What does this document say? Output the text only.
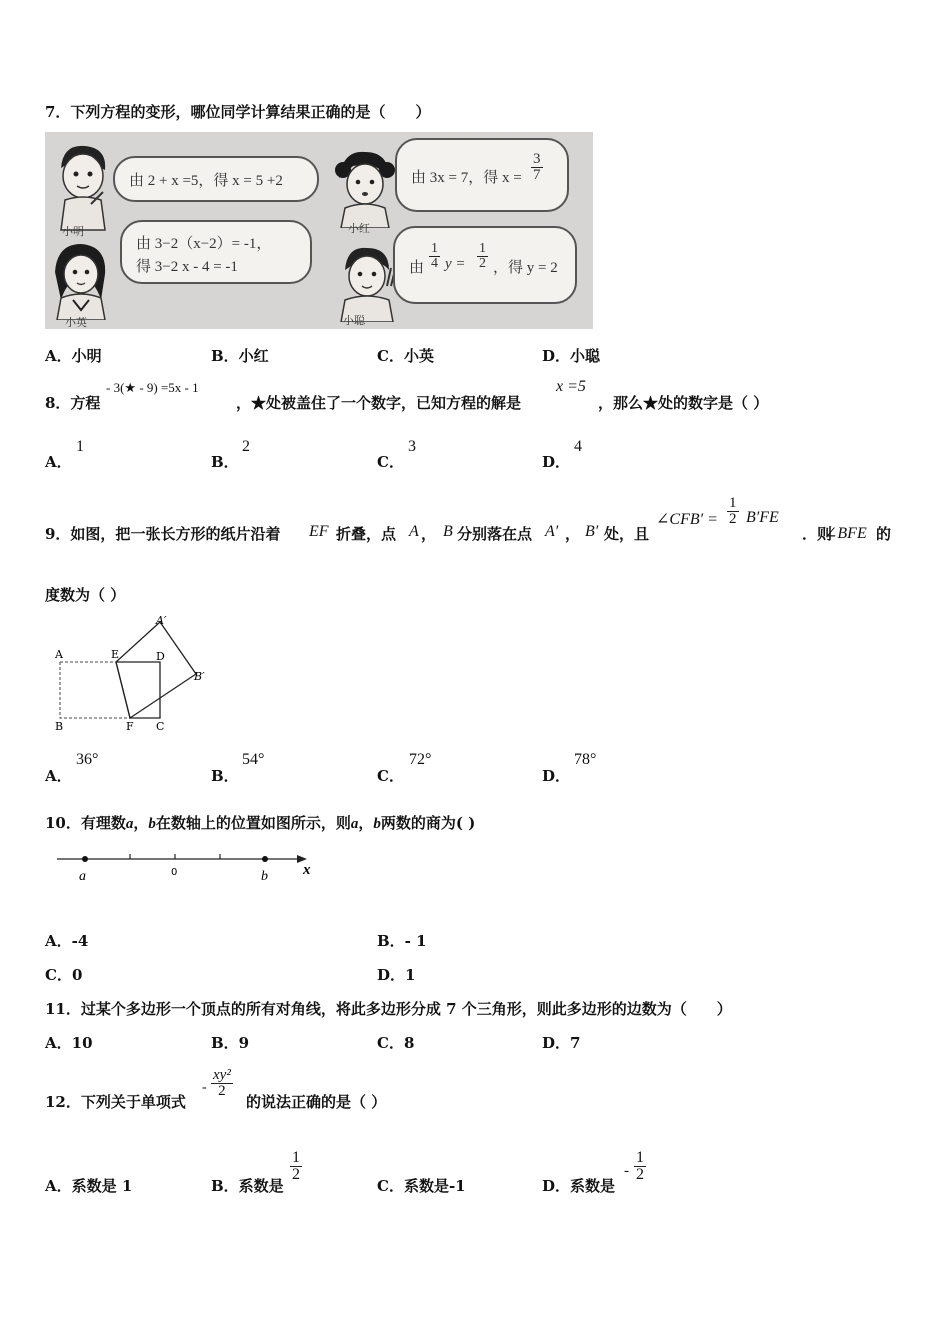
7．下列方程的变形，哪位同学计算结果正确的是（　　）
小明
由 2 + x =5，得 x = 5 +2
小英
由 3−2（x−2）= -1，
得 3−2 x - 4 = -1
小红
由 3x = 7，得 $x = \frac{3}{7}$
小聪
由 $\frac{1}{4}$ $y = \frac{1}{2}$ ，得 y = 2
A．小明	B．小红	C．小英	D．小聪
8．方程
- 3(★ - 9) =5x - 1
，★处被盖住了一个数字，已知方程的解是
x =5
，那么★处的数字是（ ）
A．
1
B．
2
C．
3
D．
4
9．如图，把一张长方形的纸片沿着 EF 折叠，点 A ， B 分别落在点 A′ ， B′ 处，且
∠CFB′ = $\frac{1}{2} B'FE$
．则
∠BFE 的
度数为（ ）
A	E	D
A′
B′
B	F C
A．
36°
B．
54°
C．
72°
D．
78°
10．有理数a，b在数轴上的位置如图所示，则a，b两数的商为( )
a	0	b x
A．-4	B．- 1
C．0	D．1
11．过某个多边形一个顶点的所有对角线，将此多边形分成 7 个三角形，则此多边形的边数为（　　）
A．10	B．9	C．8	D．7
12．下列关于单项式
- $\frac{\text{xy²}}{2}$
的说法正确的是（ ）
A．系数是 1	B．系数是
$\frac{1}{2}$
C．系数是-1	D．系数是
- $\frac{1}{2}$
